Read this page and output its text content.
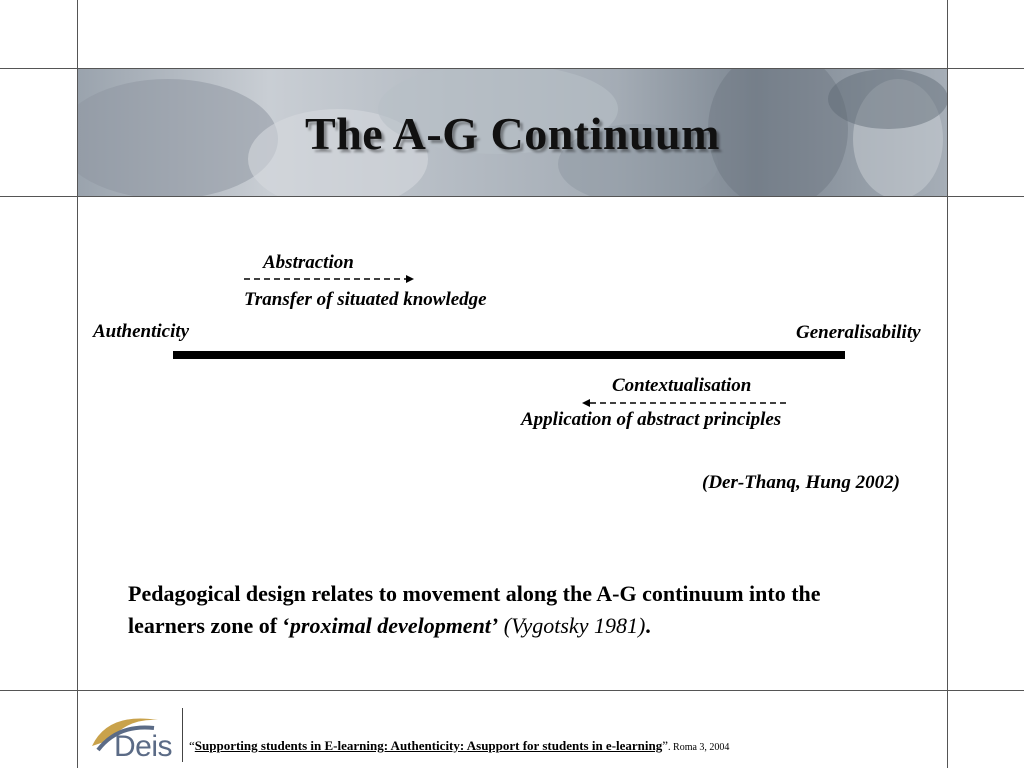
The A-G Continuum
Abstraction
Transfer of situated knowledge
Authenticity	Generalisability
Contextualisation
Application of abstract principles
(Der-Thanq, Hung 2002)
Pedagogical design relates to movement along the A-G continuum into the
learners zone of ‘proximal development’ (Vygotsky 1981).
Deis “Supporting students in E-learning: Authenticity: Asupport for students in e-learning”. Roma 3, 2004
